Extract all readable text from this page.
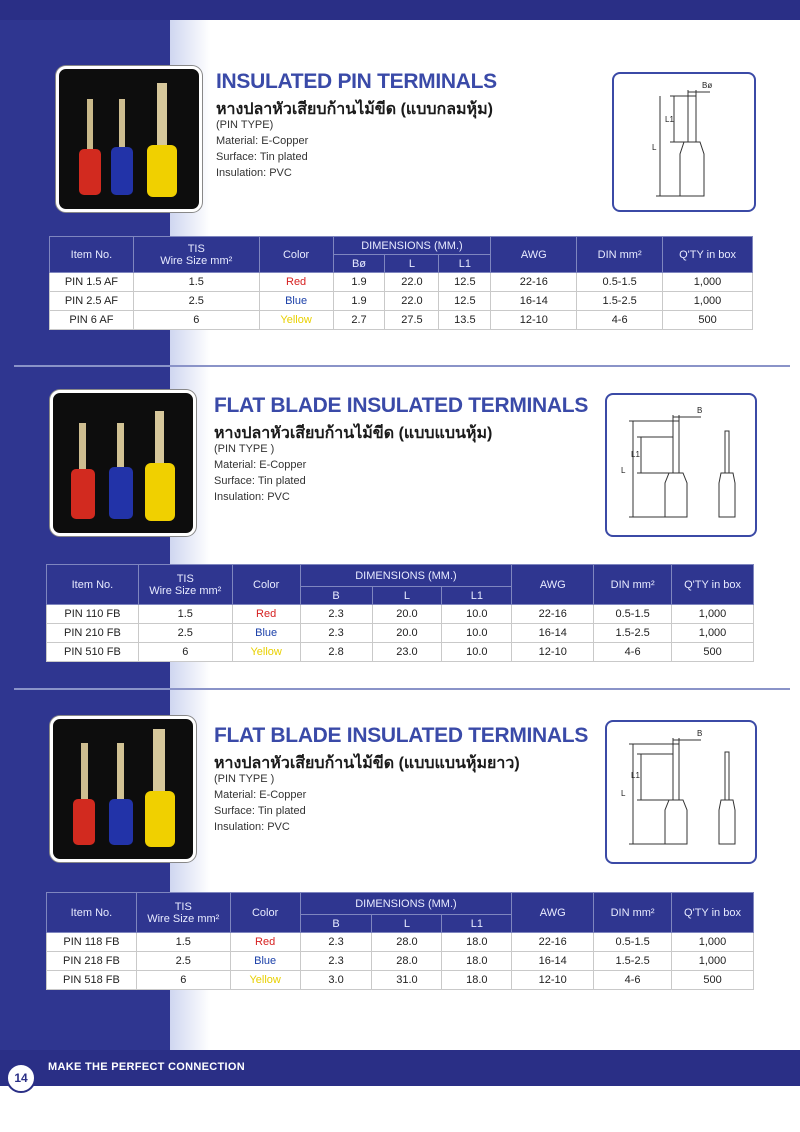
14
MAKE THE PERFECT CONNECTION
INSULATED PIN TERMINALS
หางปลาหัวเสียบก้านไม้ขีด (แบบกลมหุ้ม)
(PIN TYPE)
Material: E-Copper
Surface: Tin plated
Insulation: PVC
Bø
L1
L
Item No.	TIS
Wire Size mm²	Color	DIMENSIONS (MM.)			AWG	DIN mm²	Q'TY in box
			Bø	L	L1			
PIN 1.5 AF	1.5	Red	1.9	22.0	12.5	22-16	0.5-1.5	1,000
PIN 2.5 AF	2.5	Blue	1.9	22.0	12.5	16-14	1.5-2.5	1,000
PIN 6 AF	6	Yellow	2.7	27.5	13.5	12-10	4-6	500
FLAT BLADE INSULATED TERMINALS
หางปลาหัวเสียบก้านไม้ขีด (แบบแบนหุ้ม)
(PIN TYPE )
Material: E-Copper
Surface: Tin plated
Insulation: PVC
B
L1
L
Item No.	TIS
Wire Size mm²	Color	DIMENSIONS (MM.)			AWG	DIN mm²	Q'TY in box
			B	L	L1			
PIN 110 FB	1.5	Red	2.3	20.0	10.0	22-16	0.5-1.5	1,000
PIN 210 FB	2.5	Blue	2.3	20.0	10.0	16-14	1.5-2.5	1,000
PIN 510 FB	6	Yellow	2.8	23.0	10.0	12-10	4-6	500
FLAT BLADE INSULATED TERMINALS
หางปลาหัวเสียบก้านไม้ขีด (แบบแบนหุ้มยาว)
(PIN TYPE )
Material: E-Copper
Surface: Tin plated
Insulation: PVC
B
L1
L
Item No.	TIS
Wire Size mm²	Color	DIMENSIONS (MM.)			AWG	DIN mm²	Q'TY in box
			B	L	L1			
PIN 118 FB	1.5	Red	2.3	28.0	18.0	22-16	0.5-1.5	1,000
PIN 218 FB	2.5	Blue	2.3	28.0	18.0	16-14	1.5-2.5	1,000
PIN 518 FB	6	Yellow	3.0	31.0	18.0	12-10	4-6	500
